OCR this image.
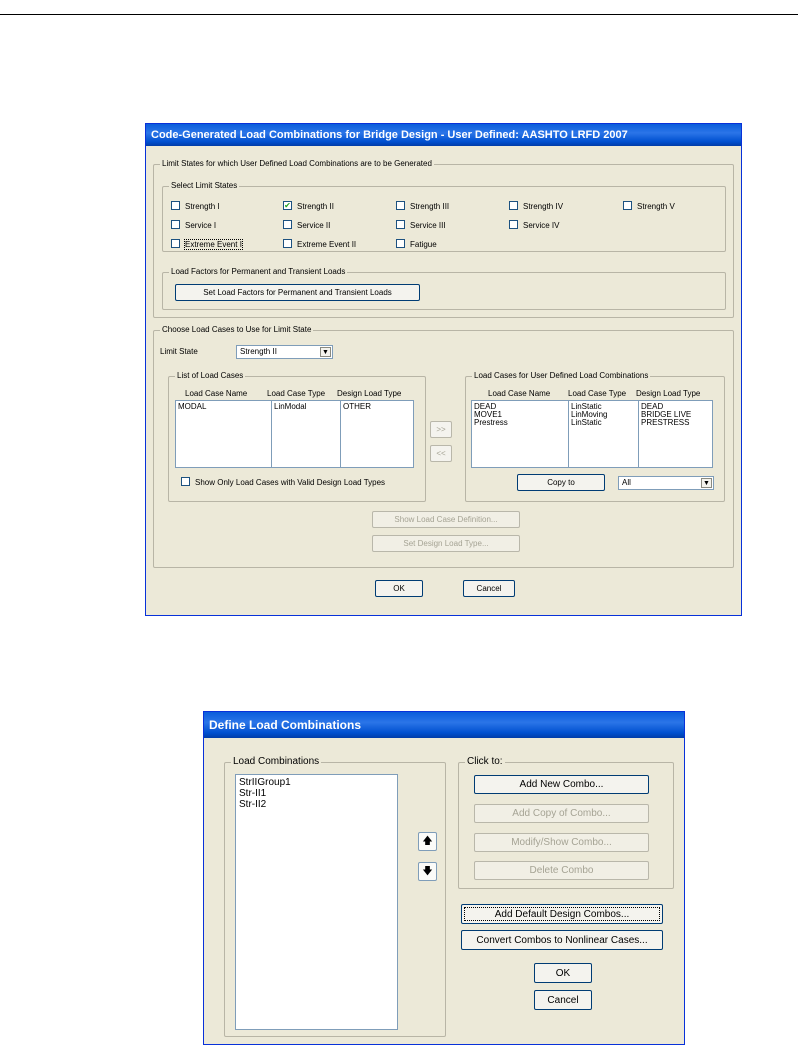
Code-Generated Load Combinations for Bridge Design - User Defined: AASHTO LRFD 2007
Limit States for which User Defined Load Combinations are to be Generated
Select Limit States
Strength I	✔ Strength II	Strength III	Strength IV	Strength V
Service I	Service II	Service III	Service IV
Extreme Event I	Extreme Event II	Fatigue
Load Factors for Permanent and Transient Loads
Set Load Factors for Permanent and Transient Loads
Choose Load Cases to Use for Limit State
Limit State	Strength II	▼
List of Load Cases
Load Case Name Load Case Type Design Load Type
MODAL	LinModal	OTHER
Show Only Load Cases with Valid Design Load Types
>>
<<
Load Cases for User Defined Load Combinations
Load Case Name Load Case Type Design Load Type
DEAD	LinStatic	DEAD
MOVE1	LinMoving	BRIDGE LIVE
Prestress	LinStatic	PRESTRESS
Copy to	All	▼
Show Load Case Definition...
Set Design Load Type...
OK	Cancel
Define Load Combinations
Load Combinations
StrIIGroup1
Str-II1
Str-II2
🡅
🡇
Click to:
Add New Combo...
Add Copy of Combo...
Modify/Show Combo...
Delete Combo
Add Default Design Combos...
Convert Combos to Nonlinear Cases...
OK
Cancel
